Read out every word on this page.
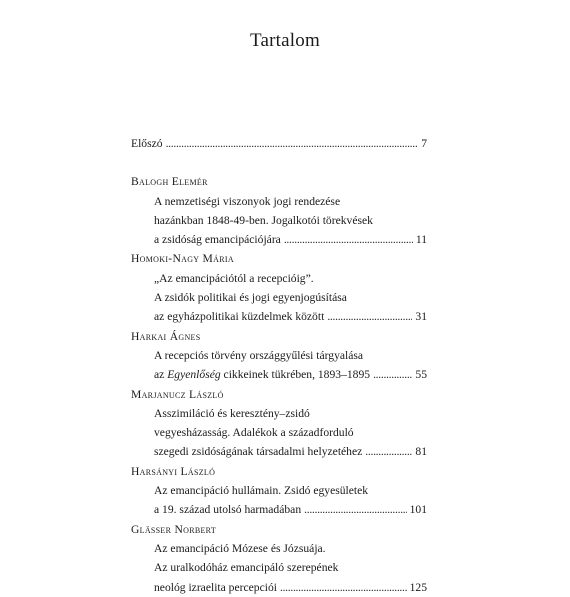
Tartalom
Előszó . . .	7
Balogh Elemér
A nemzetiségi viszonyok jogi rendezése
hazánkban 1848-49-ben. Jogalkotói törekvések
a zsidóság emancipációjára . . .	11
Homoki-Nagy Mária
„Az emancipációtól a recepcióig”.
A zsidók politikai és jogi egyenjogúsítása
az egyházpolitikai küzdelmek között . . .	31
Harkai Ágnes
A recepciós törvény országgyűlési tárgyalása
az Egyenlőség cikkeinek tükrében, 1893–1895 . . .	55
Marjanucz László
Asszimiláció és keresztény–zsidó
vegyesházasság. Adalékok a századforduló
szegedi zsidóságának társadalmi helyzetéhez . . .	81
Harsányi László
Az emancipáció hullámain. Zsidó egyesületek
a 19. század utolsó harmadában . . .	101
Glässer Norbert
Az emancipáció Mózese és Józsuája.
Az uralkodóház emancipáló szerepének
neológ izraelita percepciói . . .	125
